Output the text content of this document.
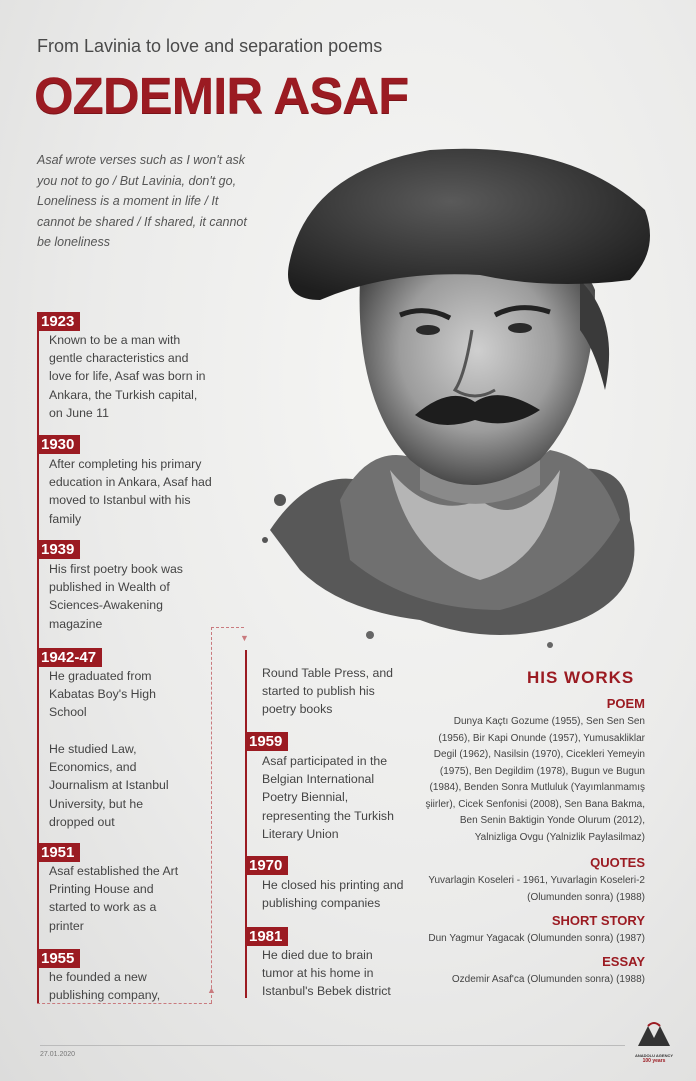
From Lavinia to love and separation poems
OZDEMIR ASAF
Asaf wrote verses such as I won't ask you not to go / But Lavinia, don't go, Loneliness is a moment in life / It cannot be shared / If shared, it cannot be loneliness
1923
Known to be a man with gentle characteristics and love for life, Asaf was born in Ankara, the Turkish capital, on June 11
1930
After completing his primary education in Ankara, Asaf had moved to Istanbul with his family
1939
His first poetry book was published in Wealth of Sciences-Awakening magazine
1942-47
He graduated from Kabatas Boy's High School
He studied Law, Economics, and Journalism at Istanbul University, but he dropped out
1951
Asaf established the Art Printing House and started to work as a printer
1955
he founded a new publishing company,
▼
▲
Round Table Press, and started to publish his poetry books
1959
Asaf participated in the Belgian International Poetry Biennial, representing the Turkish Literary Union
1970
He closed his printing and publishing companies
1981
He died due to brain tumor at his home in Istanbul's Bebek district
HIS WORKS
POEM
Dunya Kaçtı Gozume (1955), Sen Sen Sen (1956), Bir Kapi Onunde (1957), Yumusakliklar Degil (1962), Nasilsin (1970), Cicekleri Yemeyin (1975), Ben Degildim (1978), Bugun ve Bugun (1984), Benden Sonra Mutluluk (Yayımlanmamış şiirler), Cicek Senfonisi (2008), Sen Bana Bakma, Ben Senin Baktigin Yonde Olurum (2012), Yalnizliga Ovgu (Yalnizlik Paylasilmaz)
QUOTES
Yuvarlagin Koseleri - 1961, Yuvarlagin Koseleri-2 (Olumunden sonra) (1988)
SHORT STORY
Dun Yagmur Yagacak (Olumunden sonra) (1987)
ESSAY
Ozdemir Asaf'ca (Olumunden sonra) (1988)
27.01.2020	ANADOLU AGENCY
100 years
